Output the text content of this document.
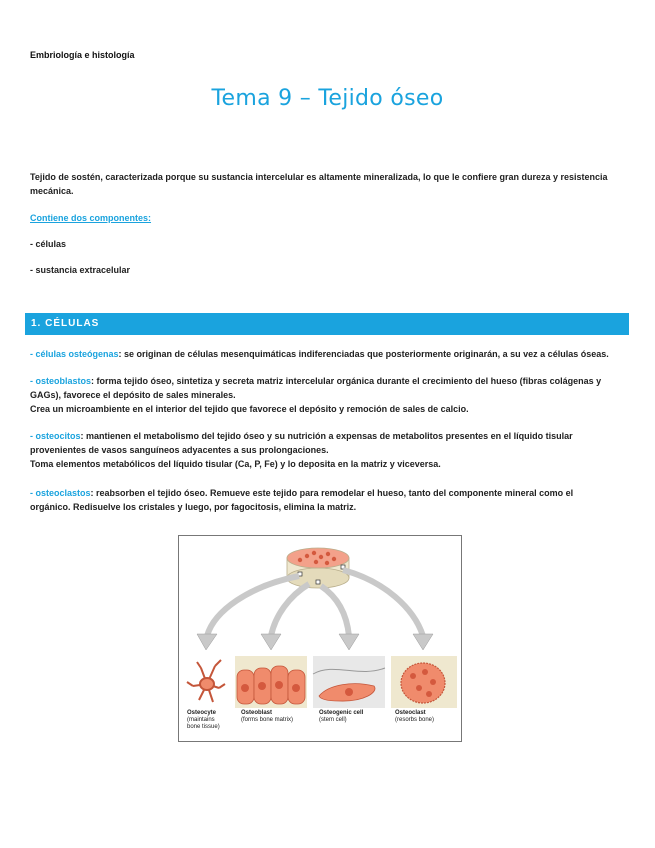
Embriología e histología
Tema 9 – Tejido óseo
Tejido de sostén, caracterizada porque su sustancia intercelular es altamente mineralizada, lo que le confiere gran dureza y resistencia
mecánica.
Contiene dos componentes:
- células
- sustancia extracelular
1. CÉLULAS
- células osteógenas: se originan de células mesenquimáticas indiferenciadas que posteriormente originarán, a su vez a células óseas.
- osteoblastos: forma tejido óseo, sintetiza y secreta matriz intercelular orgánica durante el crecimiento del hueso (fibras colágenas y
GAGs), favorece el depósito de sales minerales.
Crea un microambiente en el interior del tejido que favorece el depósito y remoción de sales de calcio.
- osteocitos: mantienen el metabolismo del tejido óseo y su nutrición a expensas de metabolitos presentes en el líquido tisular
provenientes de vasos sanguíneos adyacentes a sus prolongaciones.
Toma elementos metabólicos del líquido tisular (Ca, P, Fe) y lo deposita en la matriz y viceversa.
- osteoclastos: reabsorben el tejido óseo. Remueve este tejido para remodelar el hueso, tanto del componente mineral como el
orgánico. Redisuelve los cristales y luego, por fagocitosis, elimina la matriz.
Osteocyte
(maintains
bone tissue)
Osteoblast
(forms bone matrix)
Osteogenic cell
(stem cell)
Osteoclast
(resorbs bone)
